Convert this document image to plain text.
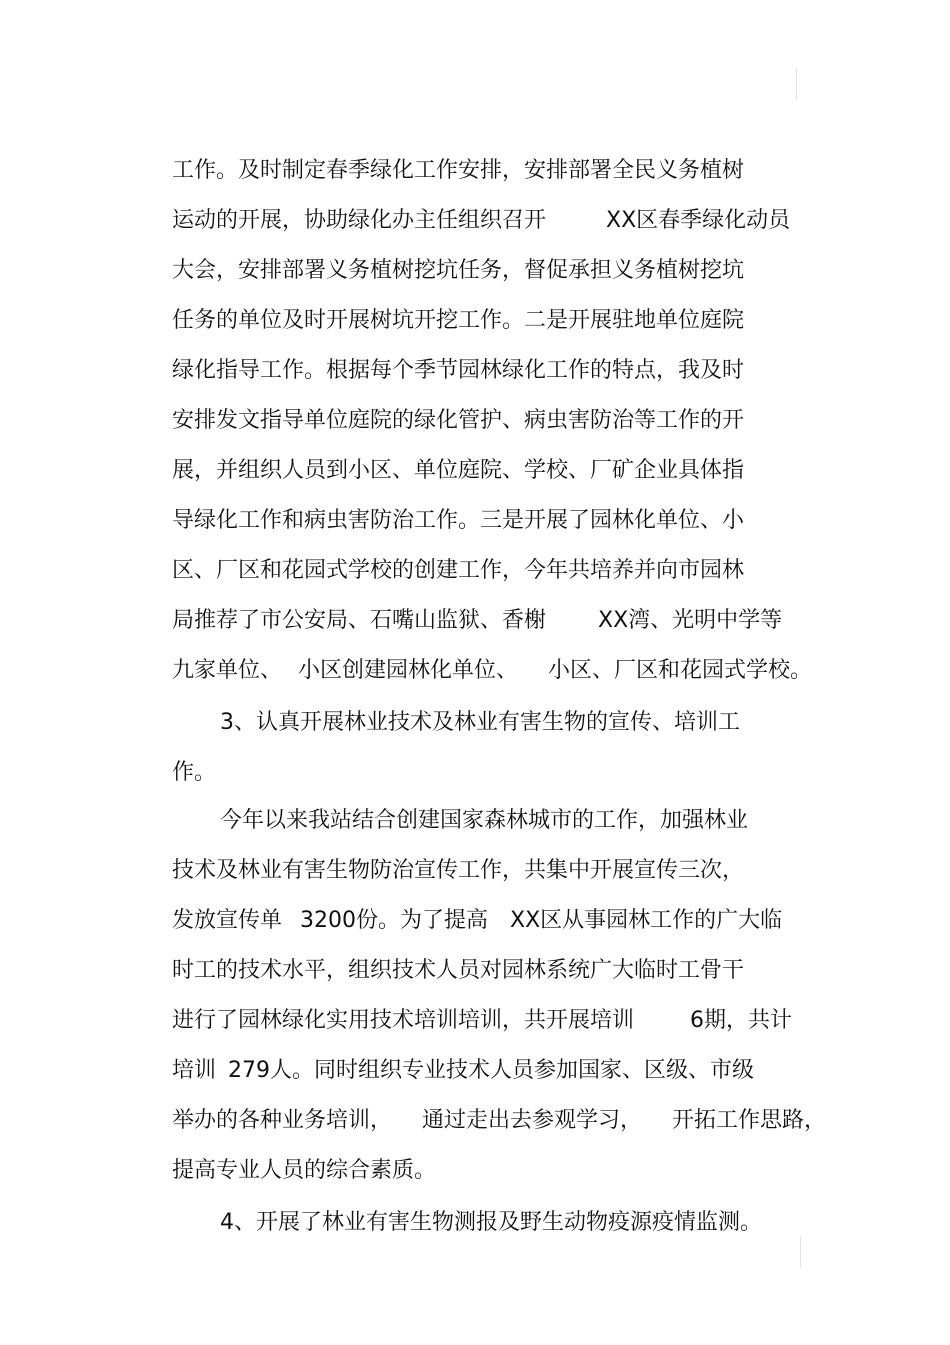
工作。及时制定春季绿化工作安排，安排部署全民义务植树

运动的开展，协助绿化办主任组织召开	XX区春季绿化动员

大会，安排部署义务植树挖坑任务，督促承担义务植树挖坑

任务的单位及时开展树坑开挖工作。二是开展驻地单位庭院

绿化指导工作。根据每个季节园林绿化工作的特点，我及时

安排发文指导单位庭院的绿化管护、病虫害防治等工作的开

展，并组织人员到小区、单位庭院、学校、厂矿企业具体指

导绿化工作和病虫害防治工作。三是开展了园林化单位、小

区、厂区和花园式学校的创建工作，今年共培养并向市园林

局推荐了市公安局、石嘴山监狱、香榭 XX湾、光明中学等

九家单位、 小区创建园林化单位、 小区、厂区和花园式学校。

3、认真开展林业技术及林业有害生物的宣传、培训工

作。

今年以来我站结合创建国家森林城市的工作，加强林业

技术及林业有害生物防治宣传工作，共集中开展宣传三次，

发放宣传单 3200份。为了提高 XX区从事园林工作的广大临

时工的技术水平，组织技术人员对园林系统广大临时工骨干

进行了园林绿化实用技术培训培训，共开展培训	6期，共计

培训 279人。同时组织专业技术人员参加国家、区级、市级

举办的各种业务培训， 通过走出去参观学习， 开拓工作思路，

提高专业人员的综合素质。

4、开展了林业有害生物测报及野生动物疫源疫情监测。
